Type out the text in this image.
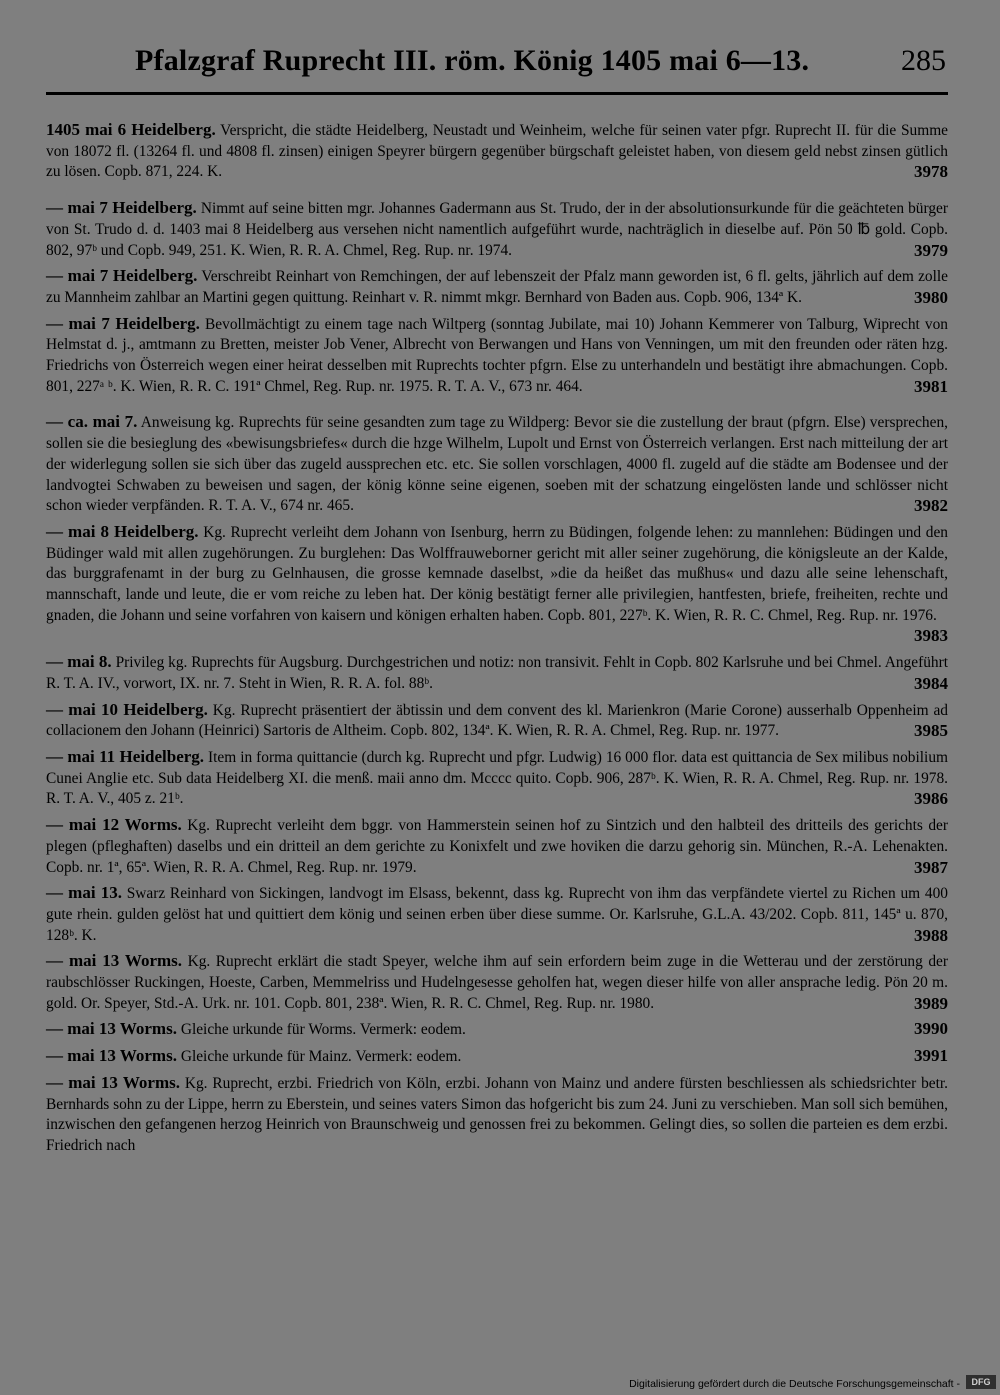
Pfalzgraf Ruprecht III. röm. König 1405 mai 6—13.	285
1405 mai 6 Heidelberg. Verspricht, die städte Heidelberg, Neustadt und Weinheim, welche für seinen vater pfgr. Ruprecht II. für die Summe von 18072 fl. (13264 fl. und 4808 fl. zinsen) einigen Speyrer bürgern gegenüber bürgschaft geleistet haben, von diesem geld nebst zinsen gütlich zu lösen. Copb. 871, 224. K.	3978
— mai 7 Heidelberg. Nimmt auf seine bitten mgr. Johannes Gadermann aus St. Trudo, der in der absolutionsurkunde für die geächteten bürger von St. Trudo d. d. 1403 mai 8 Heidelberg aus versehen nicht namentlich aufgeführt wurde, nachträglich in dieselbe auf. Pön 50 ℔ gold. Copb. 802, 97ᵇ und Copb. 949, 251. K. Wien, R. R. A. Chmel, Reg. Rup. nr. 1974.	3979
— mai 7 Heidelberg. Verschreibt Reinhart von Remchingen, der auf lebenszeit der Pfalz mann geworden ist, 6 fl. gelts, jährlich auf dem zolle zu Mannheim zahlbar an Martini gegen quittung. Reinhart v. R. nimmt mkgr. Bernhard von Baden aus. Copb. 906, 134ª K.	3980
— mai 7 Heidelberg. Bevollmächtigt zu einem tage nach Wiltperg (sonntag Jubilate, mai 10) Johann Kemmerer von Talburg, Wiprecht von Helmstat d. j., amtmann zu Bretten, meister Job Vener, Albrecht von Berwangen und Hans von Venningen, um mit den freunden oder räten hzg. Friedrichs von Österreich wegen einer heirat desselben mit Ruprechts tochter pfgrn. Else zu unterhandeln und bestätigt ihre abmachungen. Copb. 801, 227ᵃ ᵇ. K. Wien, R. R. C. 191ª Chmel, Reg. Rup. nr. 1975. R. T. A. V., 673 nr. 464.	3981
— ca. mai 7. Anweisung kg. Ruprechts für seine gesandten zum tage zu Wildperg: Bevor sie die zustellung der braut (pfgrn. Else) versprechen, sollen sie die besieglung des «bewisungsbriefes« durch die hzge Wilhelm, Lupolt und Ernst von Österreich verlangen. Erst nach mitteilung der art der widerlegung sollen sie sich über das zugeld aussprechen etc. etc. Sie sollen vorschlagen, 4000 fl. zugeld auf die städte am Bodensee und der landvogtei Schwaben zu beweisen und sagen, der könig könne seine eigenen, soeben mit der schatzung eingelösten lande und schlösser nicht schon wieder verpfänden. R. T. A. V., 674 nr. 465.	3982
— mai 8 Heidelberg. Kg. Ruprecht verleiht dem Johann von Isenburg, herrn zu Büdingen, folgende lehen: zu mannlehen: Büdingen und den Büdinger wald mit allen zugehörungen. Zu burglehen: Das Wolffrauweborner gericht mit aller seiner zugehörung, die königsleute an der Kalde, das burggrafenamt in der burg zu Gelnhausen, die grosse kemnade daselbst, »die da heißet das mußhus« und dazu alle seine lehenschaft, mannschaft, lande und leute, die er vom reiche zu leben hat. Der könig bestätigt ferner alle privilegien, hantfesten, briefe, freiheiten, rechte und gnaden, die Johann und seine vorfahren von kaisern und königen erhalten haben. Copb. 801, 227ᵇ. K. Wien, R. R. C. Chmel, Reg. Rup. nr. 1976.
3983
— mai 8. Privileg kg. Ruprechts für Augsburg. Durchgestrichen und notiz: non transivit. Fehlt in Copb. 802 Karlsruhe und bei Chmel. Angeführt R. T. A. IV., vorwort, IX. nr. 7. Steht in Wien, R. R. A. fol. 88ᵇ.	3984
— mai 10 Heidelberg. Kg. Ruprecht präsentiert der äbtissin und dem convent des kl. Marienkron (Marie Corone) ausserhalb Oppenheim ad collacionem den Johann (Heinrici) Sartoris de Altheim. Copb. 802, 134ª. K. Wien, R. R. A. Chmel, Reg. Rup. nr. 1977.	3985
— mai 11 Heidelberg. Item in forma quittancie (durch kg. Ruprecht und pfgr. Ludwig) 16 000 flor. data est quittancia de Sex milibus nobilium Cunei Anglie etc. Sub data Heidelberg XI. die menß. maii anno dm. Mcccc quito. Copb. 906, 287ᵇ. K. Wien, R. R. A. Chmel, Reg. Rup. nr. 1978. R. T. A. V., 405 z. 21ᵇ.	3986
— mai 12 Worms. Kg. Ruprecht verleiht dem bggr. von Hammerstein seinen hof zu Sintzich und den halbteil des dritteils des gerichts der plegen (pfleghaften) daselbs und ein dritteil an dem gerichte zu Konixfelt und zwe hoviken die darzu gehorig sin. München, R.-A. Lehenakten. Copb. nr. 1ª, 65ª. Wien, R. R. A. Chmel, Reg. Rup. nr. 1979.	3987
— mai 13. Swarz Reinhard von Sickingen, landvogt im Elsass, bekennt, dass kg. Ruprecht von ihm das verpfändete viertel zu Richen um 400 gute rhein. gulden gelöst hat und quittiert dem könig und seinen erben über diese summe. Or. Karlsruhe, G.L.A. 43/202. Copb. 811, 145ª u. 870, 128ᵇ. K.	3988
— mai 13 Worms. Kg. Ruprecht erklärt die stadt Speyer, welche ihm auf sein erfordern beim zuge in die Wetterau und der zerstörung der raubschlösser Ruckingen, Hoeste, Carben, Memmelriss und Hudelngesesse geholfen hat, wegen dieser hilfe von aller ansprache ledig. Pön 20 m. gold. Or. Speyer, Std.-A. Urk. nr. 101. Copb. 801, 238ª. Wien, R. R. C. Chmel, Reg. Rup. nr. 1980.	3989
— mai 13 Worms. Gleiche urkunde für Worms. Vermerk: eodem.	3990
— mai 13 Worms. Gleiche urkunde für Mainz. Vermerk: eodem.	3991
— mai 13 Worms. Kg. Ruprecht, erzbi. Friedrich von Köln, erzbi. Johann von Mainz und andere fürsten beschliessen als schiedsrichter betr. Bernhards sohn zu der Lippe, herrn zu Eberstein, und seines vaters Simon das hofgericht bis zum 24. Juni zu verschieben. Man soll sich bemühen, inzwischen den gefangenen herzog Heinrich von Braunschweig und genossen frei zu bekommen. Gelingt dies, so sollen die parteien es dem erzbi. Friedrich nach
Digitalisierung gefördert durch die Deutsche Forschungsgemeinschaft -	DFG
